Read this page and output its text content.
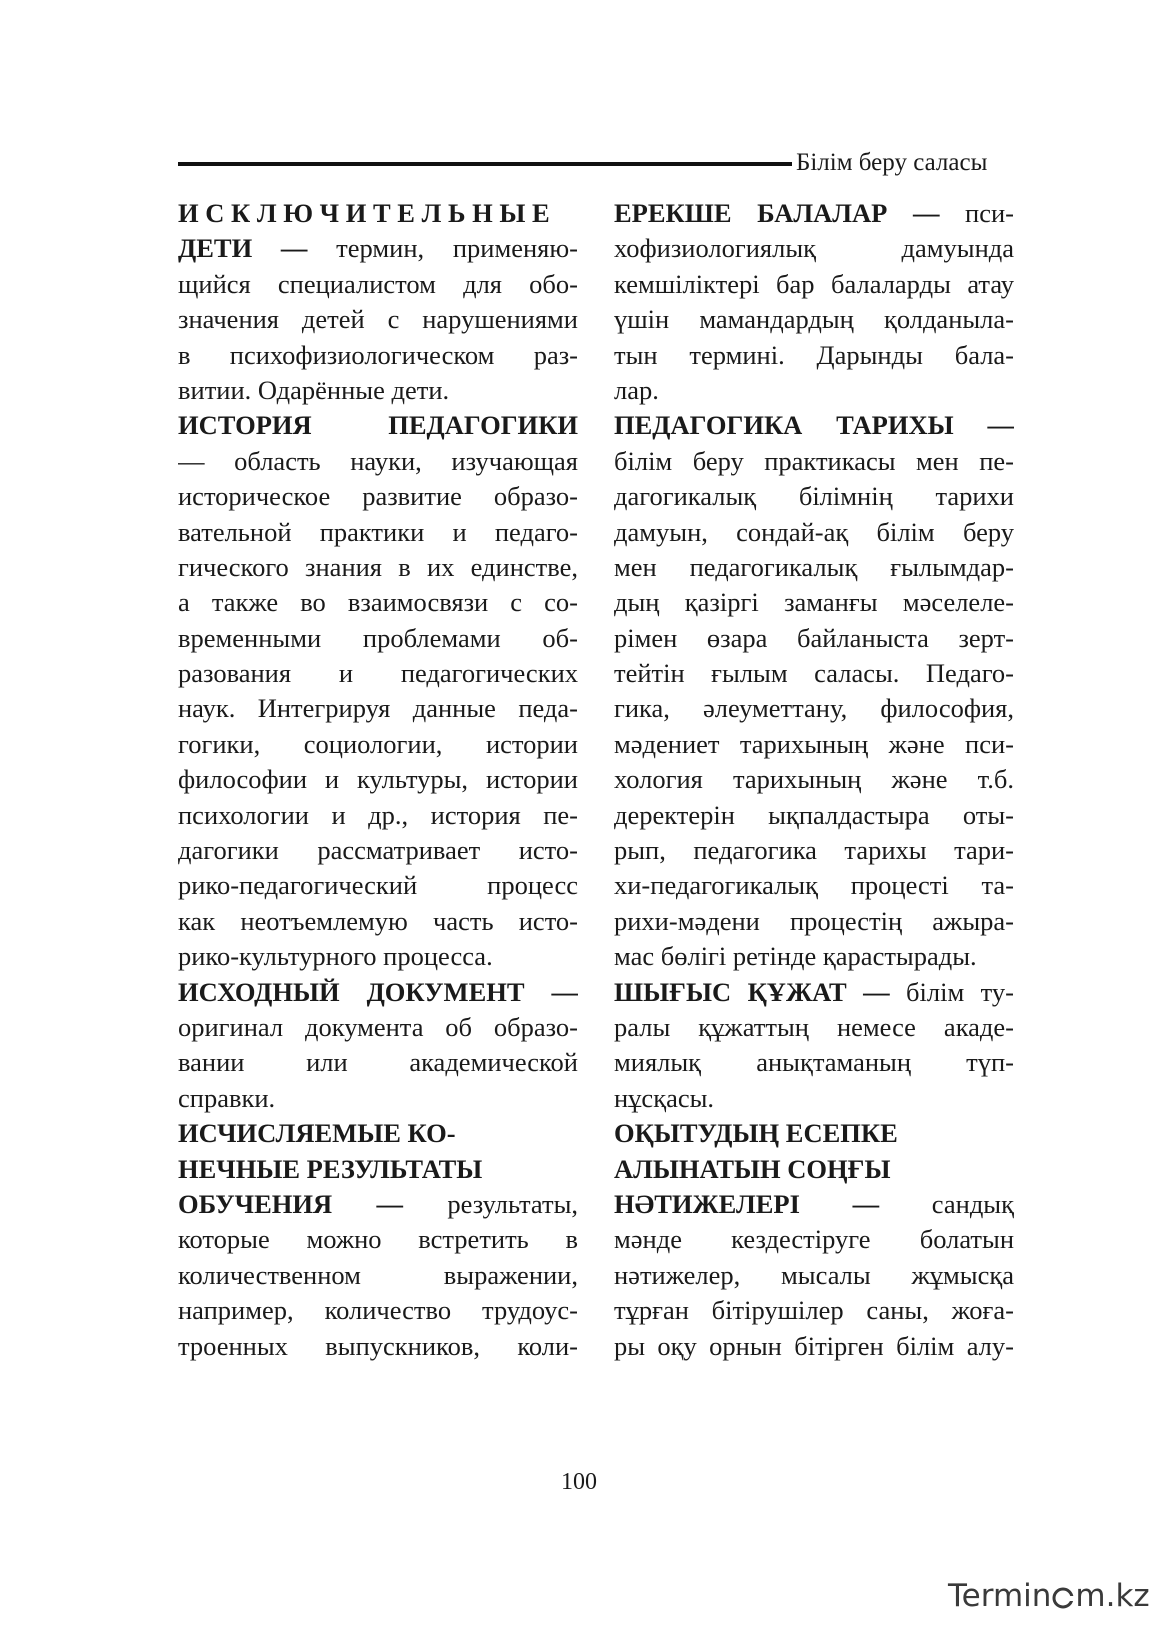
Білім беру саласы
И С К Л Ю Ч И Т Е Л Ь Н Ы Е
ДЕТИ — термин, применяю-
щийся специалистом для обо-
значения детей с нарушениями
в психофизиологическом раз-
витии. Одарённые дети.
ИСТОРИЯ ПЕДАГОГИКИ
— область науки, изучающая
историческое развитие образо-
вательной практики и педаго-
гического знания в их единстве,
а также во взаимосвязи с со-
временными проблемами об-
разования и педагогических
наук. Интегрируя данные педа-
гогики, социологии, истории
философии и культуры, истории
психологии и др., история пе-
дагогики рассматривает исто-
рико-педагогический процесс
как неотъемлемую часть исто-
рико-культурного процесса.
ИСХОДНЫЙ ДОКУМЕНТ —
оригинал документа об образо-
вании или академической
справки.
ИСЧИСЛЯЕМЫЕ КО-
НЕЧНЫЕ РЕЗУЛЬТАТЫ
ОБУЧЕНИЯ — результаты,
которые можно встретить в
количественном выражении,
например, количество трудоус-
троенных выпускников, коли-
ЕРЕКШЕ БАЛАЛАР — пси-
хофизиологиялық дамуында
кемшіліктері бар балаларды атау
үшін мамандардың қолданыла-
тын термині. Дарынды бала-
лар.
ПЕДАГОГИКА ТАРИХЫ —
білім беру практикасы мен пе-
дагогикалық білімнің тарихи
дамуын, сондай-ақ білім беру
мен педагогикалық ғылымдар-
дың қазіргі заманғы мәселеле-
рімен өзара байланыста зерт-
тейтін ғылым саласы. Педаго-
гика, әлеуметтану, философия,
мәдениет тарихының және пси-
хология тарихының және т.б.
деректерін ықпалдастыра оты-
рып, педагогика тарихы тари-
хи-педагогикалық процесті та-
рихи-мәдени процестің ажыра-
мас бөлігі ретінде қарастырады.
ШЫҒЫС ҚҰЖАТ — білім ту-
ралы құжаттың немесе акаде-
миялық анықтаманың түп-
нұсқасы.
ОҚЫТУДЫҢ ЕСЕПКЕ
АЛЫНАТЫН СОҢҒЫ
НӘТИЖЕЛЕРІ — сандық
мәнде кездестіруге болатын
нәтижелер, мысалы жұмысқа
тұрған бітірушілер саны, жоға-
ры оқу орнын бітірген білім алу-
100
Termin m.kz
